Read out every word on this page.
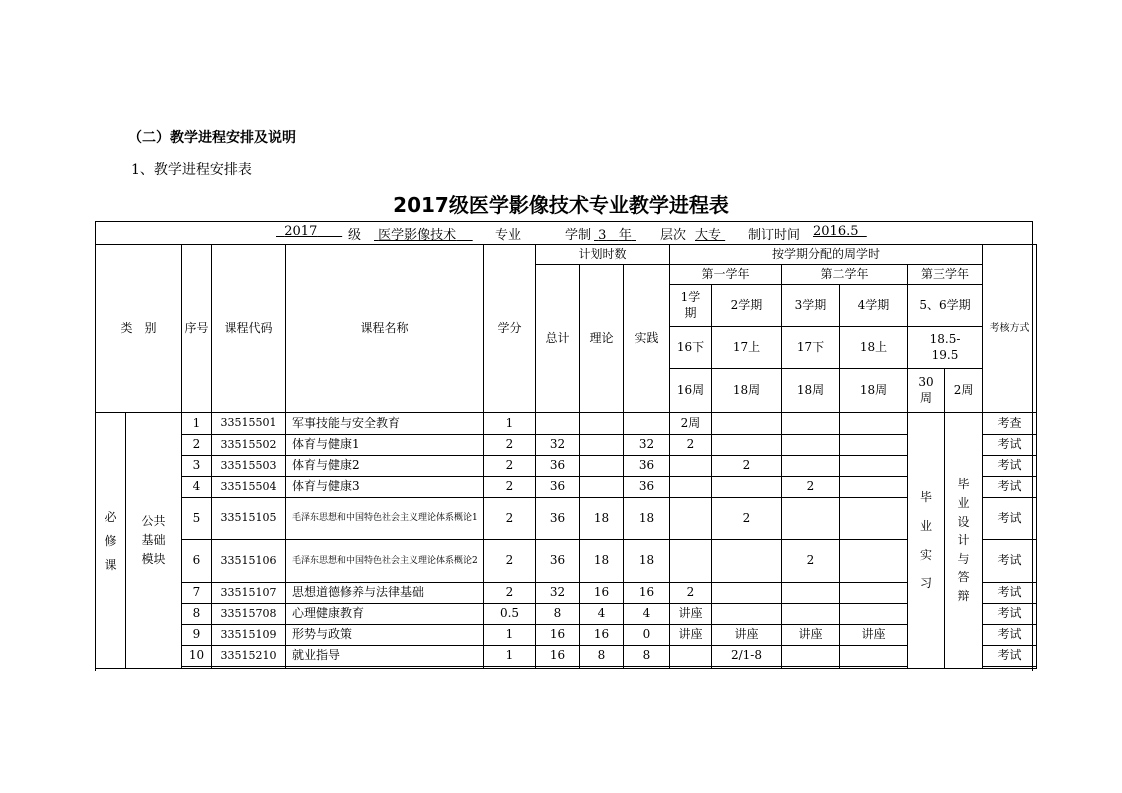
（二）教学进程安排及说明
1、教学进程安排表
2017级医学影像技术专业教学进程表
2017	级	医学影像技术	专业	学制 3 年	层次 大专	制订时间 2016.5
类　别		序号	课程代码	课程名称	学分	计划时数			按学期分配的周学时						考核方式
						总计	理论	实践	第一学年		第二学年		第三学年		
									1学期	2学期	3学期	4学期	5、6学期		
									16下	17上	17下	18上	18.5-19.5		
									16周	18周	18周	18周	30周	2周	
必修课	公共基础模块	1	33515501	军事技能与安全教育	1				2周				毕业实习	毕业设计与答辩	考查
		2	33515502	体育与健康1	2	32		32	2						考试
		3	33515503	体育与健康2	2	36		36		2					考试
		4	33515504	体育与健康3	2	36		36			2				考试
		5	33515105	毛泽东思想和中国特色社会主义理论体系概论1	2	36	18	18		2					考试
		6	33515106	毛泽东思想和中国特色社会主义理论体系概论2	2	36	18	18			2				考试
		7	33515107	思想道德修养与法律基础	2	32	16	16	2						考试
		8	33515708	心理健康教育	0.5	8	4	4	讲座						考试
		9	33515109	形势与政策	1	16	16	0	讲座	讲座	讲座	讲座			考试
		10	33515210	就业指导	1	16	8	8		2/1-8					考试
